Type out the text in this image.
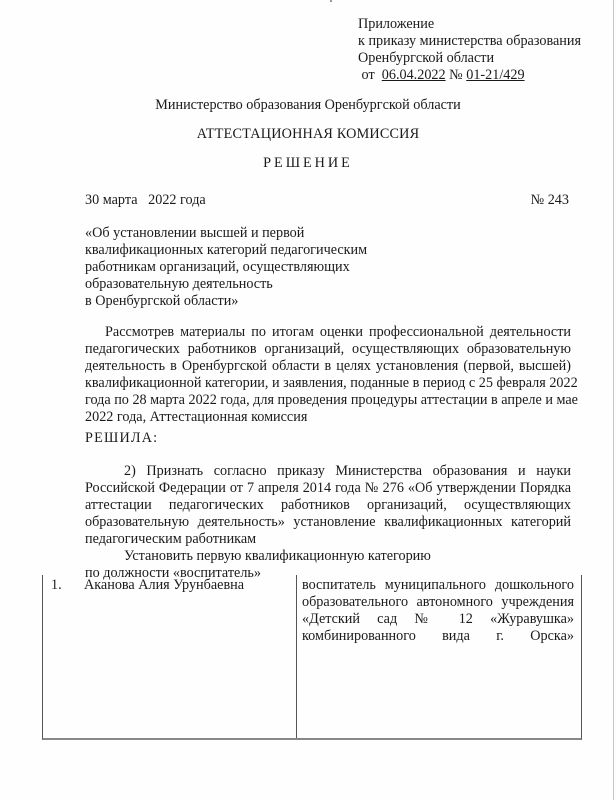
Приложение
к приказу министерства образования
Оренбургской области
от 06.04.2022 № 01-21/429
Министерство образования Оренбургской области
АТТЕСТАЦИОННАЯ КОМИССИЯ
РЕШЕНИЕ
30 марта   2022 года	№ 243
«Об установлении высшей и первой
квалификационных категорий педагогическим
работникам организаций, осуществляющих
образовательную деятельность
в Оренбургской области»
Рассмотрев материалы по итогам оценки профессиональной деятельности
педагогических работников организаций, осуществляющих образовательную
деятельность в Оренбургской области в целях установления (первой, высшей)
квалификационной категории, и заявления, поданные в период с 25 февраля 2022
года по 28 марта 2022 года, для проведения процедуры аттестации в апреле и мае
2022 года, Аттестационная комиссия
РЕШИЛА:
2) Признать согласно приказу Министерства образования и науки
Российской Федерации от 7 апреля 2014 года № 276 «Об утверждении Порядка
аттестации педагогических работников организаций, осуществляющих
образовательную деятельность» установление квалификационных категорий
педагогическим работникам
Установить первую квалификационную категорию
по должности «воспитатель»
1. Аканова Алия Урунбаевна	воспитатель муниципального дошкольного
образовательного автономного учреждения
«Детский сад № 12 «Журавушка»
комбинированного вида г. Орска»
